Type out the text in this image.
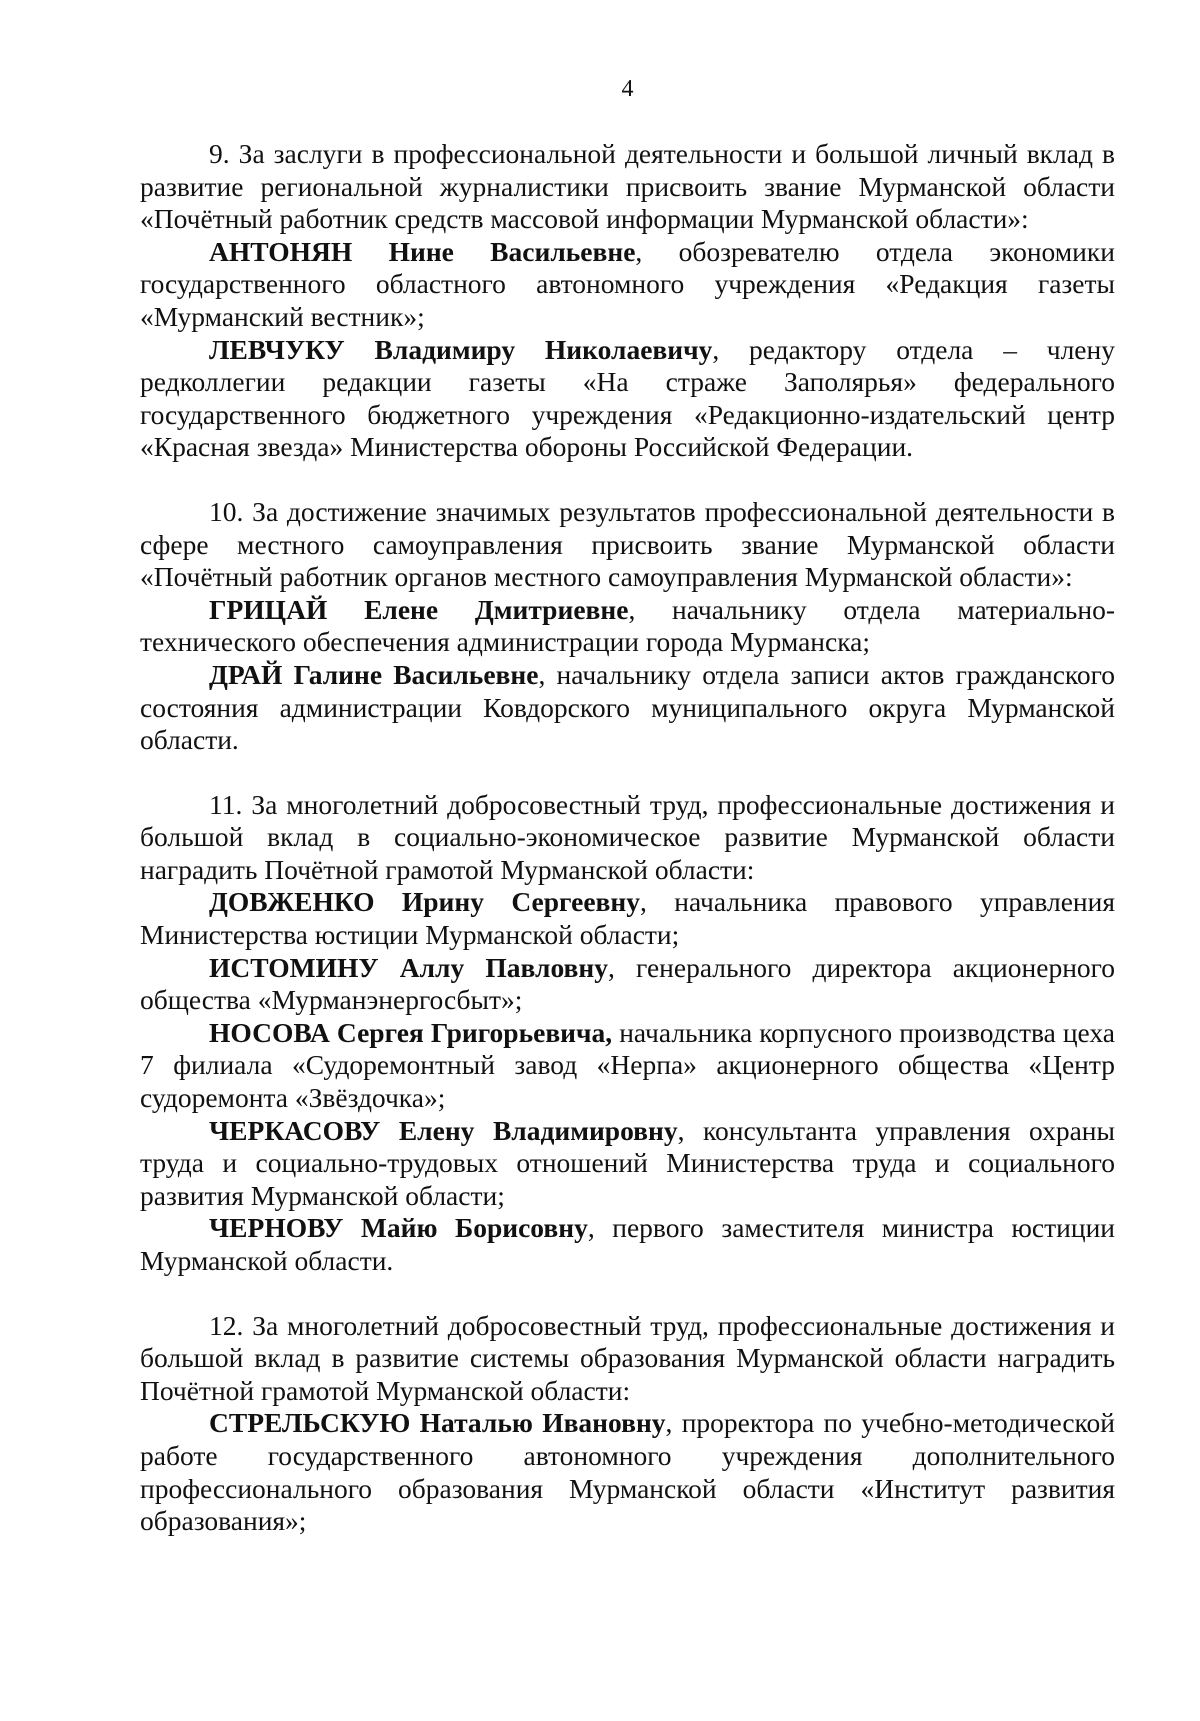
4

9. За заслуги в профессиональной деятельности и большой личный вклад в развитие региональной журналистики присвоить звание Мурманской области «Почётный работник средств массовой информации Мурманской области»:

АНТОНЯН Нине Васильевне, обозревателю отдела экономики государственного областного автономного учреждения «Редакция газеты «Мурманский вестник»;

ЛЕВЧУКУ Владимиру Николаевичу, редактору отдела – члену редколлегии редакции газеты «На страже Заполярья» федерального государственного бюджетного учреждения «Редакционно-издательский центр «Красная звезда» Министерства обороны Российской Федерации.

10. За достижение значимых результатов профессиональной деятельности в сфере местного самоуправления присвоить звание Мурманской области «Почётный работник органов местного самоуправления Мурманской области»:

ГРИЦАЙ Елене Дмитриевне, начальнику отдела материально-технического обеспечения администрации города Мурманска;

ДРАЙ Галине Васильевне, начальнику отдела записи актов гражданского состояния администрации Ковдорского муниципального округа Мурманской области.

11. За многолетний добросовестный труд, профессиональные достижения и большой вклад в социально-экономическое развитие Мурманской области наградить Почётной грамотой Мурманской области:

ДОВЖЕНКО Ирину Сергеевну, начальника правового управления Министерства юстиции Мурманской области;

ИСТОМИНУ Аллу Павловну, генерального директора акционерного общества «Мурманэнергосбыт»;

НОСОВА Сергея Григорьевича, начальника корпусного производства цеха 7 филиала «Судоремонтный завод «Нерпа» акционерного общества «Центр судоремонта «Звёздочка»;

ЧЕРКАСОВУ Елену Владимировну, консультанта управления охраны труда и социально-трудовых отношений Министерства труда и социального развития Мурманской области;

ЧЕРНОВУ Майю Борисовну, первого заместителя министра юстиции Мурманской области.

12. За многолетний добросовестный труд, профессиональные достижения и большой вклад в развитие системы образования Мурманской области наградить Почётной грамотой Мурманской области:

СТРЕЛЬСКУЮ Наталью Ивановну, проректора по учебно-методической работе государственного автономного учреждения дополнительного профессионального образования Мурманской области «Институт развития образования»;
